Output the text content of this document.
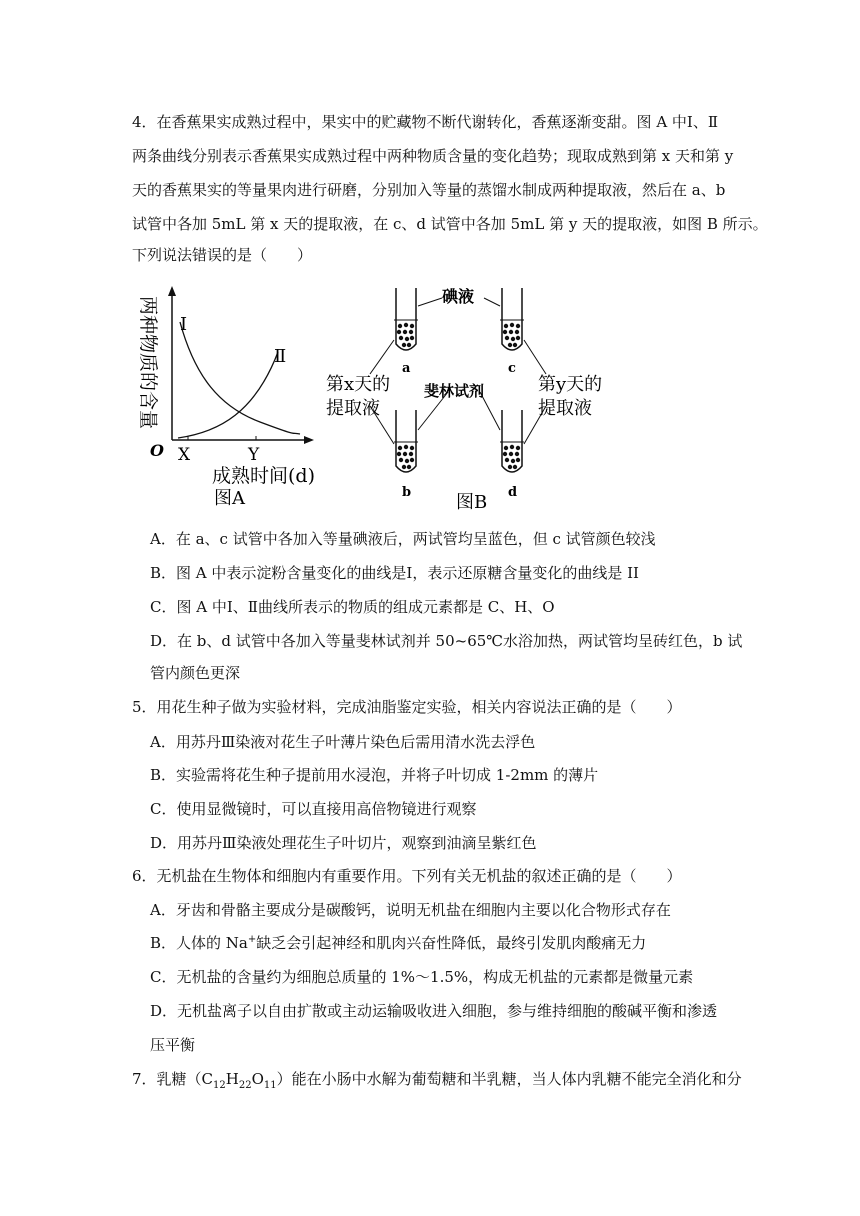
4．在香蕉果实成熟过程中，果实中的贮藏物不断代谢转化，香蕉逐渐变甜。图 A 中Ⅰ、Ⅱ
两条曲线分别表示香蕉果实成熟过程中两种物质含量的变化趋势；现取成熟到第 x 天和第 y
天的香蕉果实的等量果肉进行研磨，分别加入等量的蒸馏水制成两种提取液，然后在 a、b
试管中各加 5mL 第 x 天的提取液，在 c、d 试管中各加 5mL 第 y 天的提取液，如图 B 所示。
下列说法错误的是（　　）
两种物质的含量 Ⅰ
Ⅱ
O X	Y
成熟时间(d)
图A
碘液
斐林试剂
第x天的
提取液
第y天的
提取液
a	c
b	d
图B
A．在 a、c 试管中各加入等量碘液后，两试管均呈蓝色，但 c 试管颜色较浅
B．图 A 中表示淀粉含量变化的曲线是Ⅰ，表示还原糖含量变化的曲线是 II
C．图 A 中Ⅰ、Ⅱ曲线所表示的物质的组成元素都是 C、H、O
D．在 b、d 试管中各加入等量斐林试剂并 50~65℃水浴加热，两试管均呈砖红色，b 试
管内颜色更深
5．用花生种子做为实验材料，完成油脂鉴定实验，相关内容说法正确的是（　　）
A．用苏丹Ⅲ染液对花生子叶薄片染色后需用清水洗去浮色
B．实验需将花生种子提前用水浸泡，并将子叶切成 1-2mm 的薄片
C．使用显微镜时，可以直接用高倍物镜进行观察
D．用苏丹Ⅲ染液处理花生子叶切片，观察到油滴呈紫红色
6．无机盐在生物体和细胞内有重要作用。下列有关无机盐的叙述正确的是（　　）
A．牙齿和骨骼主要成分是碳酸钙，说明无机盐在细胞内主要以化合物形式存在
B．人体的 Na+缺乏会引起神经和肌肉兴奋性降低，最终引发肌肉酸痛无力
C．无机盐的含量约为细胞总质量的 1%～1.5%，构成无机盐的元素都是微量元素
D．无机盐离子以自由扩散或主动运输吸收进入细胞，参与维持细胞的酸碱平衡和渗透
压平衡
7．乳糖$(C_{12}H_{22}O_{11})$能在小肠中水解为葡萄糖和半乳糖，当人体内乳糖不能完全消化和分
